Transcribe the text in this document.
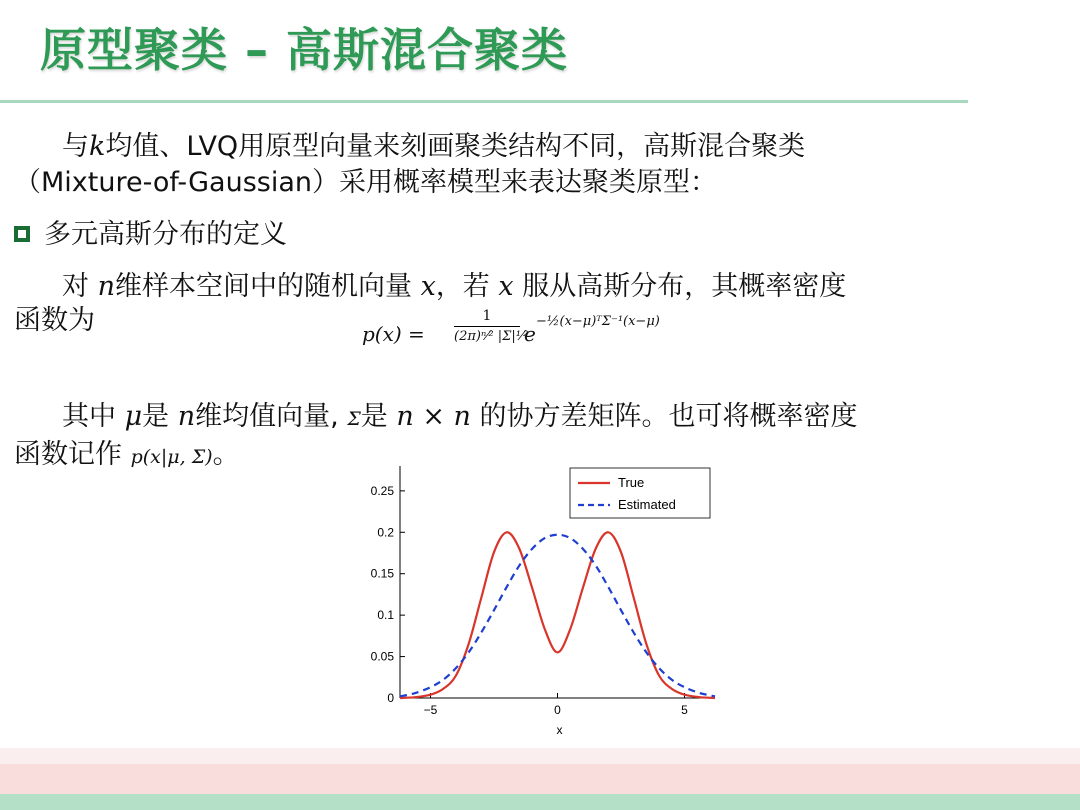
原型聚类 – 高斯混合聚类
与k均值、LVQ用原型向量来刻画聚类结构不同，高斯混合聚类
（Mixture-of-Gaussian）采用概率模型来表达聚类原型：
多元高斯分布的定义
对 n维样本空间中的随机向量 x，若 x 服从高斯分布，其概率密度
函数为	p(x) =
1
(2π)ⁿ⁄² |Σ|¹⁄²
e
−½(x−μ)ᵀΣ⁻¹(x−μ)
其中 μ是 n维均值向量, Σ是 n × n 的协方差矩阵。也可将概率密度
函数记作 p(x|μ, Σ)。
0
0.05
0.1
0.15
0.2
0.25
−5	0	5
x
True
Estimated
